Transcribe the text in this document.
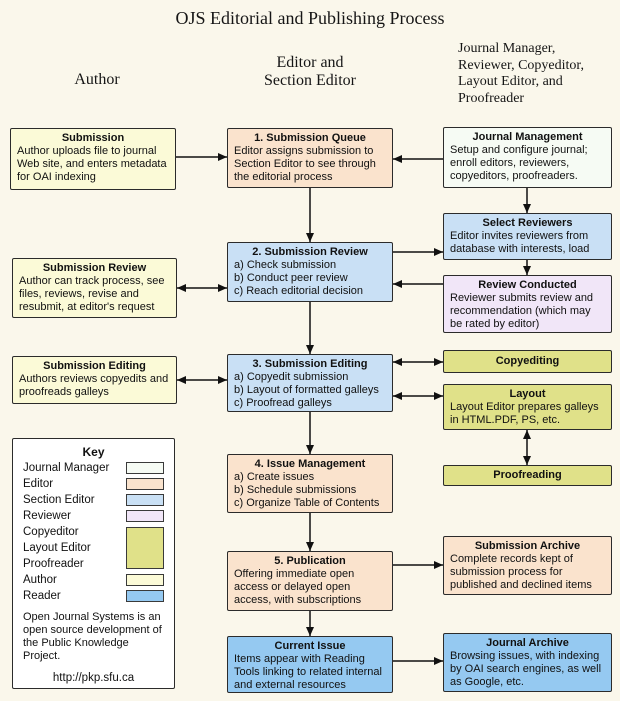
OJS Editorial and Publishing Process
Author
Editor and
Section Editor
Journal Manager,
Reviewer, Copyeditor,
Layout Editor, and
Proofreader
Submission
Author uploads file to journal Web site, and enters metadata for OAI indexing
Submission Review
Author can track process, see files, reviews, revise and resubmit, at editor's request
Submission Editing
Authors reviews copyedits and proofreads galleys
1. Submission Queue
Editor assigns submission to Section Editor to see through the editorial process
2. Submission Review
a) Check submission
b) Conduct peer review
c) Reach editorial decision
3. Submission Editing
a) Copyedit submission
b) Layout of formatted galleys
c) Proofread galleys
4. Issue Management
a) Create issues
b) Schedule submissions
c) Organize Table of Contents
5. Publication
Offering immediate open access or delayed open access, with subscriptions
Current Issue
Items appear with Reading Tools linking to related internal and external resources
Journal Management
Setup and configure journal; enroll editors, reviewers, copyeditors, proofreaders.
Select Reviewers
Editor invites reviewers from database with interests, load
Review Conducted
Reviewer submits review and recommendation (which may be rated by editor)
Copyediting
Layout
Layout Editor prepares galleys in HTML.PDF, PS, etc.
Proofreading
Submission Archive
Complete records kept of submission process for published and declined items
Journal Archive
Browsing issues, with indexing by OAI search engines, as well as Google, etc.
Key
Journal Manager
Editor
Section Editor
Reviewer
Copyeditor
Layout Editor
Proofreader
Author
Reader
Open Journal Systems is an open source development of the Public Knowledge Project.
http://pkp.sfu.ca
